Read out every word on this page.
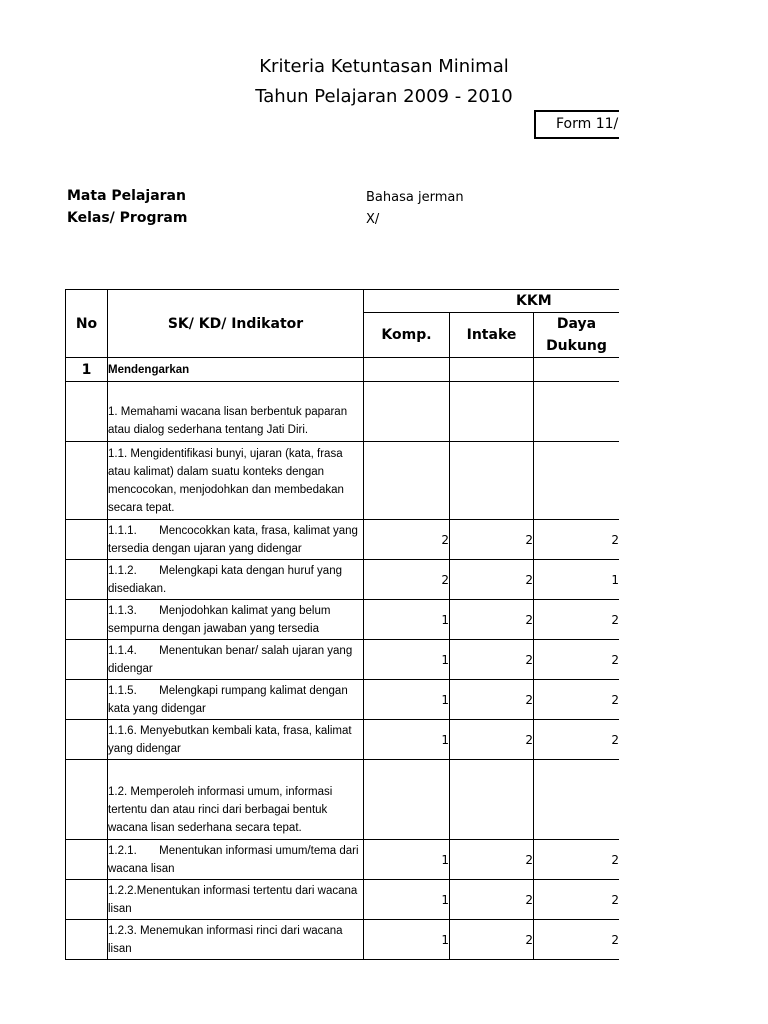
Kriteria Ketuntasan Minimal
Tahun Pelajaran 2009 - 2010
Form 11/
Mata Pelajaran	Bahasa jerman
Kelas/ Program	X/
No	SK/ KD/ Indikator	KKM			
		Komp.	Intake	Daya
Dukung	

1	Mendengarkan				
	1. Memahami wacana lisan berbentuk paparan atau dialog sederhana tentang Jati Diri.				
	1.1. Mengidentifikasi bunyi, ujaran (kata, frasa atau kalimat) dalam suatu konteks dengan mencocokan, menjodohkan dan membedakan secara tepat.				
	1.1.1.       Mencocokkan kata, frasa, kalimat yang tersedia dengan ujaran yang didengar	2	2	2	
	1.1.2.       Melengkapi kata dengan huruf yang disediakan.	2	2	1	
	1.1.3.       Menjodohkan kalimat yang belum sempurna dengan jawaban yang tersedia	1	2	2	
	1.1.4.       Menentukan benar/ salah ujaran yang didengar	1	2	2	
	1.1.5.       Melengkapi rumpang kalimat dengan kata yang didengar	1	2	2	
	1.1.6. Menyebutkan kembali kata, frasa, kalimat yang didengar	1	2	2	
	1.2. Memperoleh informasi umum, informasi tertentu dan atau rinci dari berbagai bentuk wacana lisan sederhana secara tepat.				
	1.2.1.       Menentukan informasi umum/tema dari wacana lisan	1	2	2	
	1.2.2.Menentukan informasi tertentu dari wacana lisan	1	2	2	
	1.2.3. Menemukan informasi rinci dari wacana lisan	1	2	2	
